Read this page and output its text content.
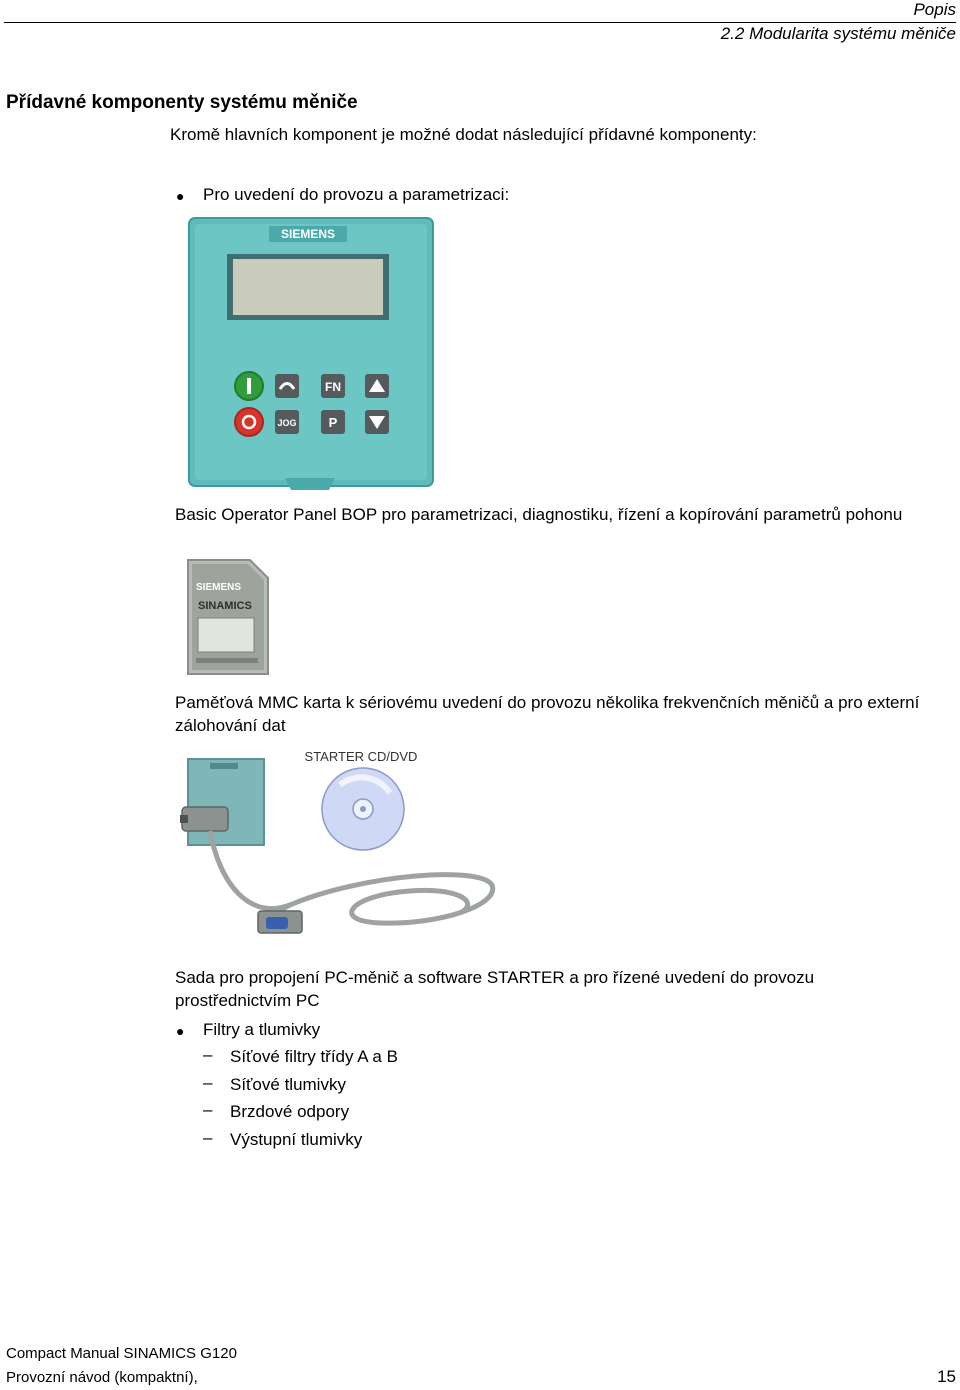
Popis
2.2 Modularita systému měniče
Přídavné komponenty systému měniče
Kromě hlavních komponent je možné dodat následující přídavné komponenty:
● Pro uvedení do provozu a parametrizaci:
SIEMENS
FN
JOG P
Basic Operator Panel BOP pro parametrizaci, diagnostiku, řízení a kopírování parametrů pohonu
SIEMENS
SINAMICS
Paměťová MMC karta k sériovému uvedení do provozu několika frekvenčních měničů a pro externí zálohování dat
STARTER CD/DVD
Sada pro propojení PC-měnič a software STARTER a pro řízené uvedení do provozu prostřednictvím PC
● Filtry a tlumivky
– Síťové filtry třídy A a B
– Síťové tlumivky
– Brzdové odpory
– Výstupní tlumivky
Compact Manual SINAMICS G120
Provozní návod (kompaktní),	15
